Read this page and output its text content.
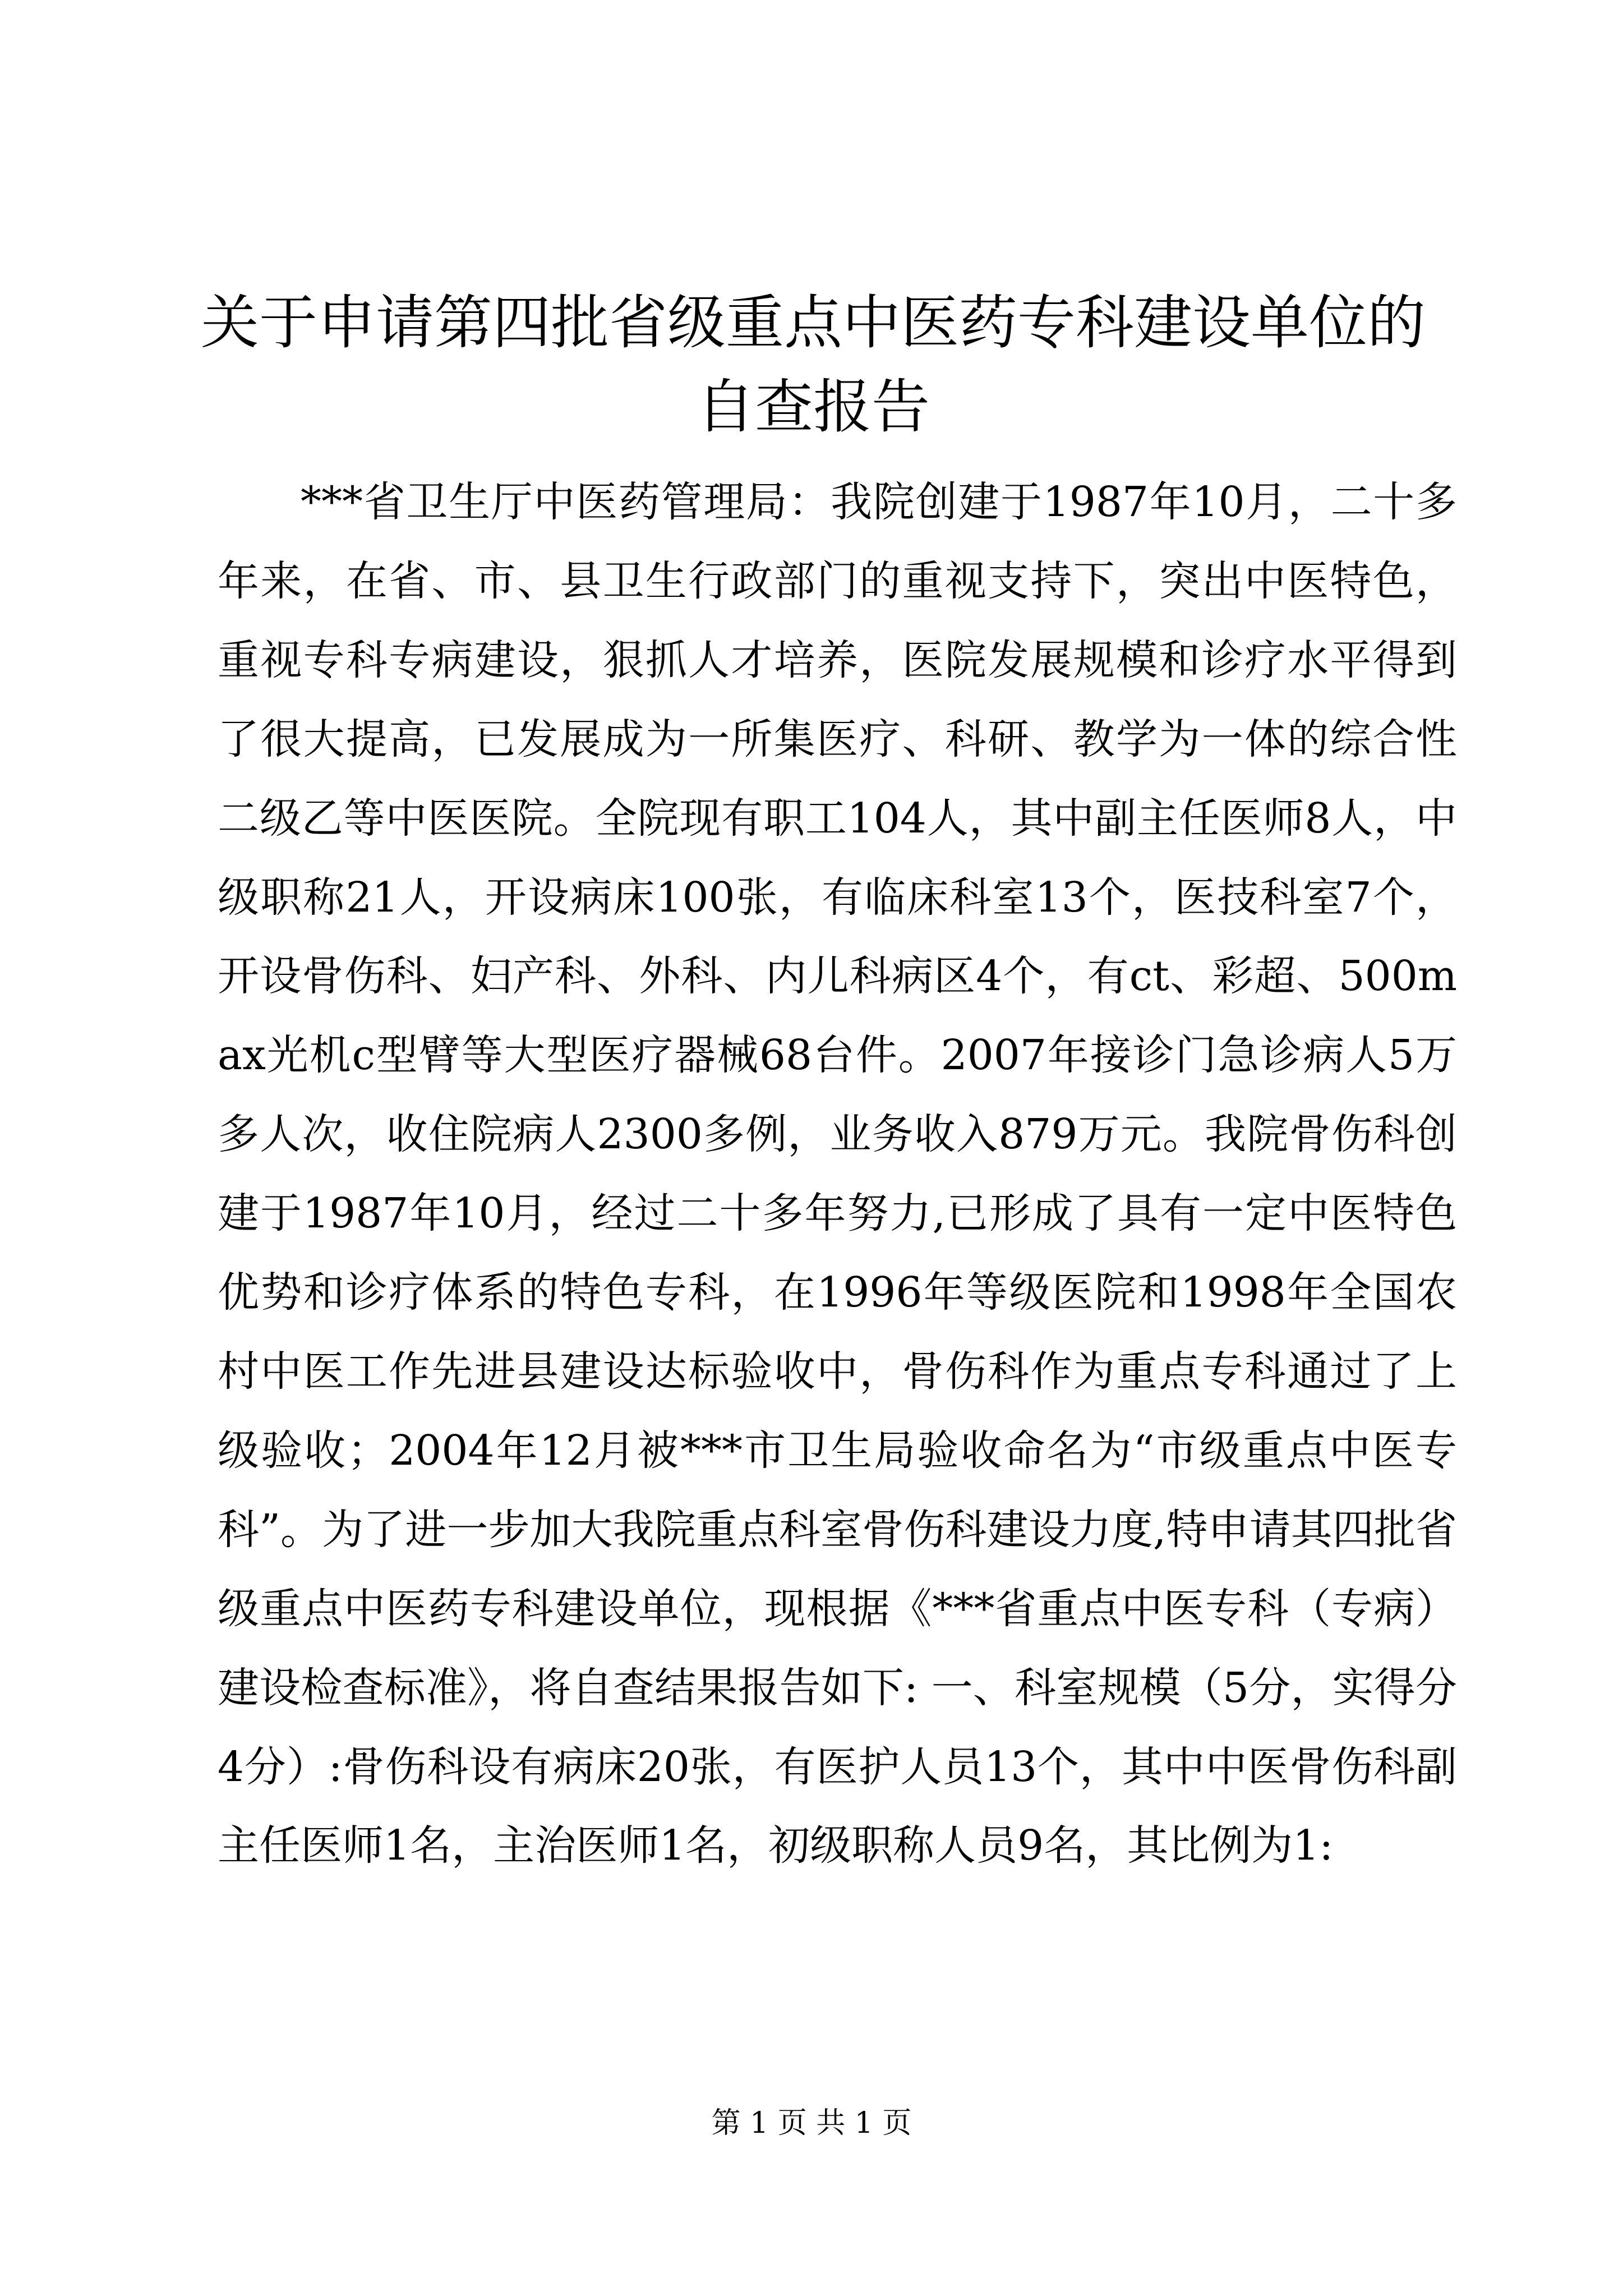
关于申请第四批省级重点中医药专科建设单位的自查报告

***省卫生厅中医药管理局：我院创建于1987年10月，二十多年来，在省、市、县卫生行政部门的重视支持下，突出中医特色，重视专科专病建设，狠抓人才培养，医院发展规模和诊疗水平得到了很大提高，已发展成为一所集医疗、科研、教学为一体的综合性二级乙等中医医院。全院现有职工104人，其中副主任医师8人，中级职称21人，开设病床100张，有临床科室13个，医技科室7个，开设骨伤科、妇产科、外科、内儿科病区4个，有ct、彩超、500max光机c型臂等大型医疗器械68台件。2007年接诊门急诊病人5万多人次，收住院病人2300多例，业务收入879万元。我院骨伤科创建于1987年10月，经过二十多年努力,已形成了具有一定中医特色优势和诊疗体系的特色专科，在1996年等级医院和1998年全国农村中医工作先进县建设达标验收中，骨伤科作为重点专科通过了上级验收；2004年12月被***市卫生局验收命名为“市级重点中医专科”。为了进一步加大我院重点科室骨伤科建设力度,特申请其四批省级重点中医药专科建设单位，现根据《***省重点中医专科（专病）建设检查标准》，将自查结果报告如下: 一、科室规模（5分，实得分4分）:骨伤科设有病床20张，有医护人员13个，其中中医骨伤科副主任医师1名，主治医师1名，初级职称人员9名，其比例为1:

第 1 页 共 1 页
